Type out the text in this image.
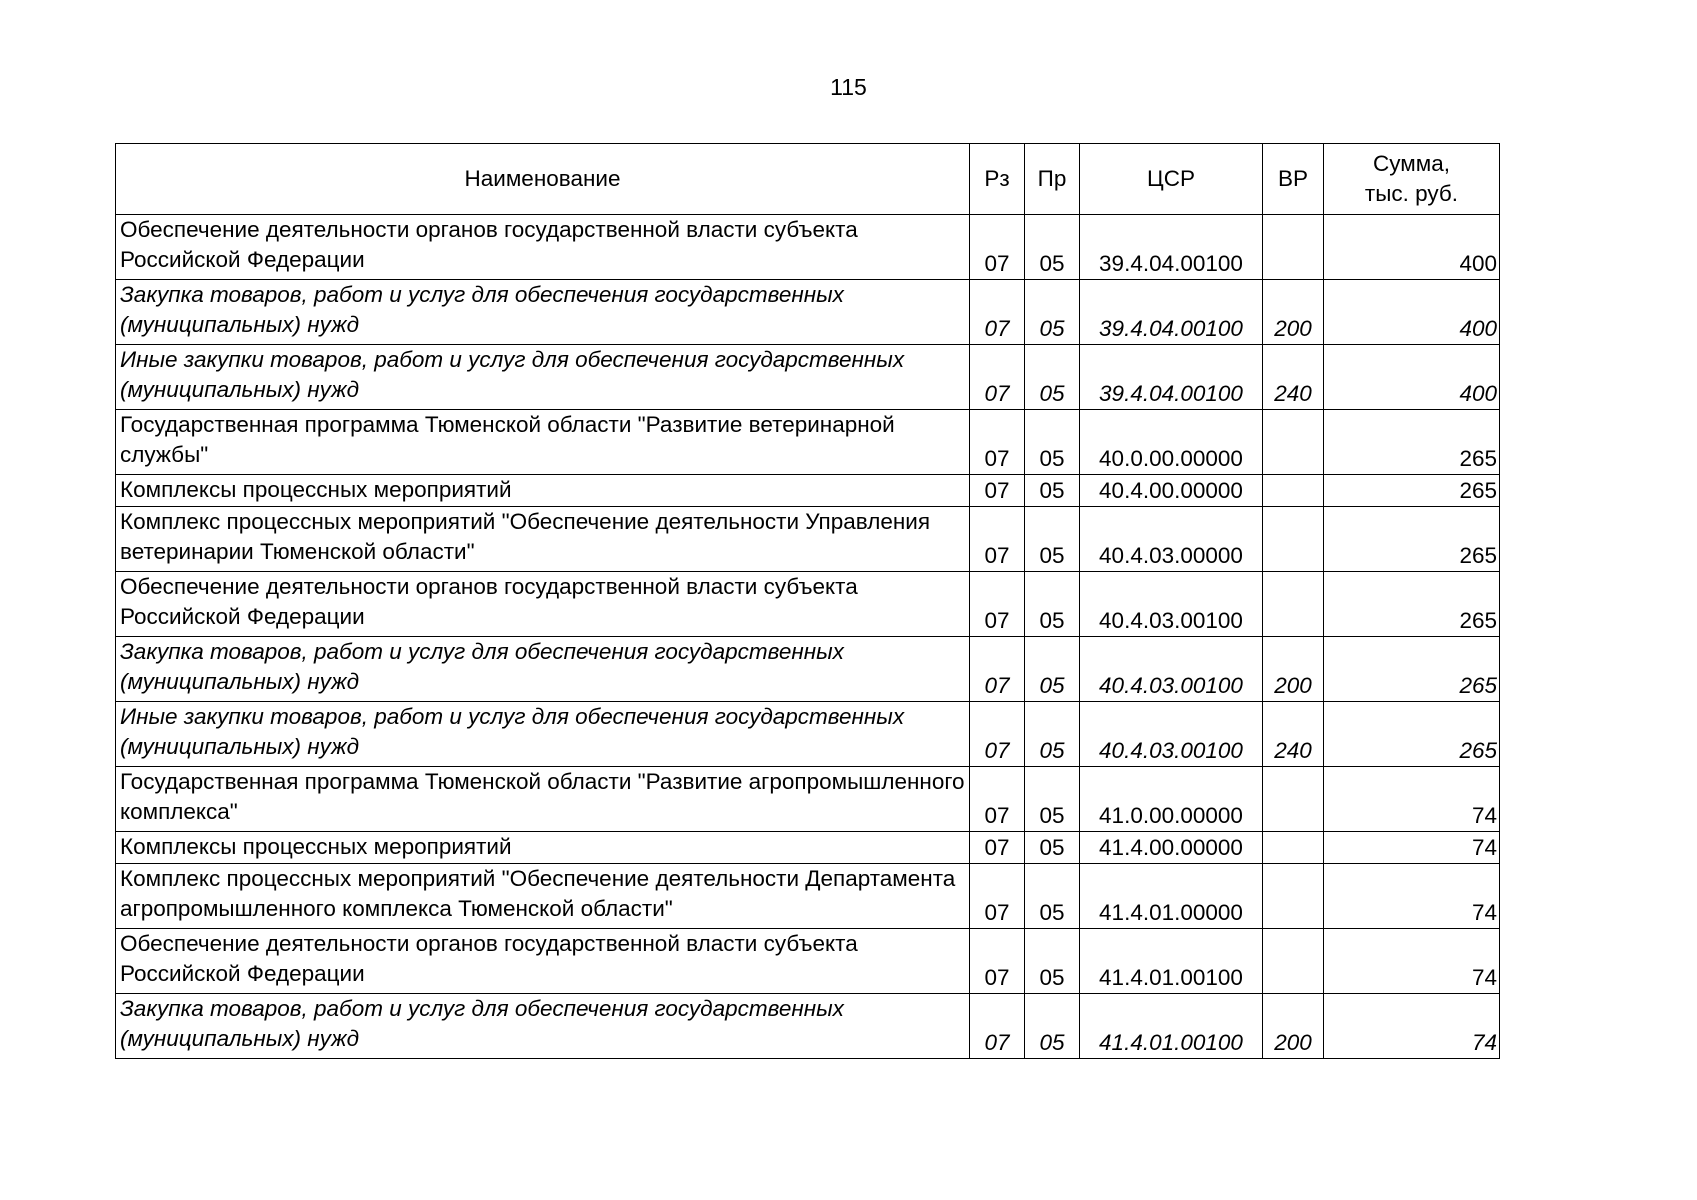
115
Наименование	Рз	Пр	ЦСР	ВР	Сумма,
тыс. руб.

Обеспечение деятельности органов государственной власти субъекта Российской Федерации	07	05	39.4.04.00100		400
Закупка товаров, работ и услуг для обеспечения государственных (муниципальных) нужд	07	05	39.4.04.00100	200	400
Иные закупки товаров, работ и услуг для обеспечения государственных (муниципальных) нужд	07	05	39.4.04.00100	240	400
Государственная программа Тюменской области "Развитие ветеринарной службы"	07	05	40.0.00.00000		265
Комплексы процессных мероприятий	07	05	40.4.00.00000		265
Комплекс процессных мероприятий "Обеспечение деятельности Управления ветеринарии Тюменской области"	07	05	40.4.03.00000		265
Обеспечение деятельности органов государственной власти субъекта Российской Федерации	07	05	40.4.03.00100		265
Закупка товаров, работ и услуг для обеспечения государственных (муниципальных) нужд	07	05	40.4.03.00100	200	265
Иные закупки товаров, работ и услуг для обеспечения государственных (муниципальных) нужд	07	05	40.4.03.00100	240	265
Государственная программа Тюменской области "Развитие агропромышленного комплекса"	07	05	41.0.00.00000		74
Комплексы процессных мероприятий	07	05	41.4.00.00000		74
Комплекс процессных мероприятий "Обеспечение деятельности Департамента агропромышленного комплекса Тюменской области"	07	05	41.4.01.00000		74
Обеспечение деятельности органов государственной власти субъекта Российской Федерации	07	05	41.4.01.00100		74
Закупка товаров, работ и услуг для обеспечения государственных (муниципальных) нужд	07	05	41.4.01.00100	200	74
